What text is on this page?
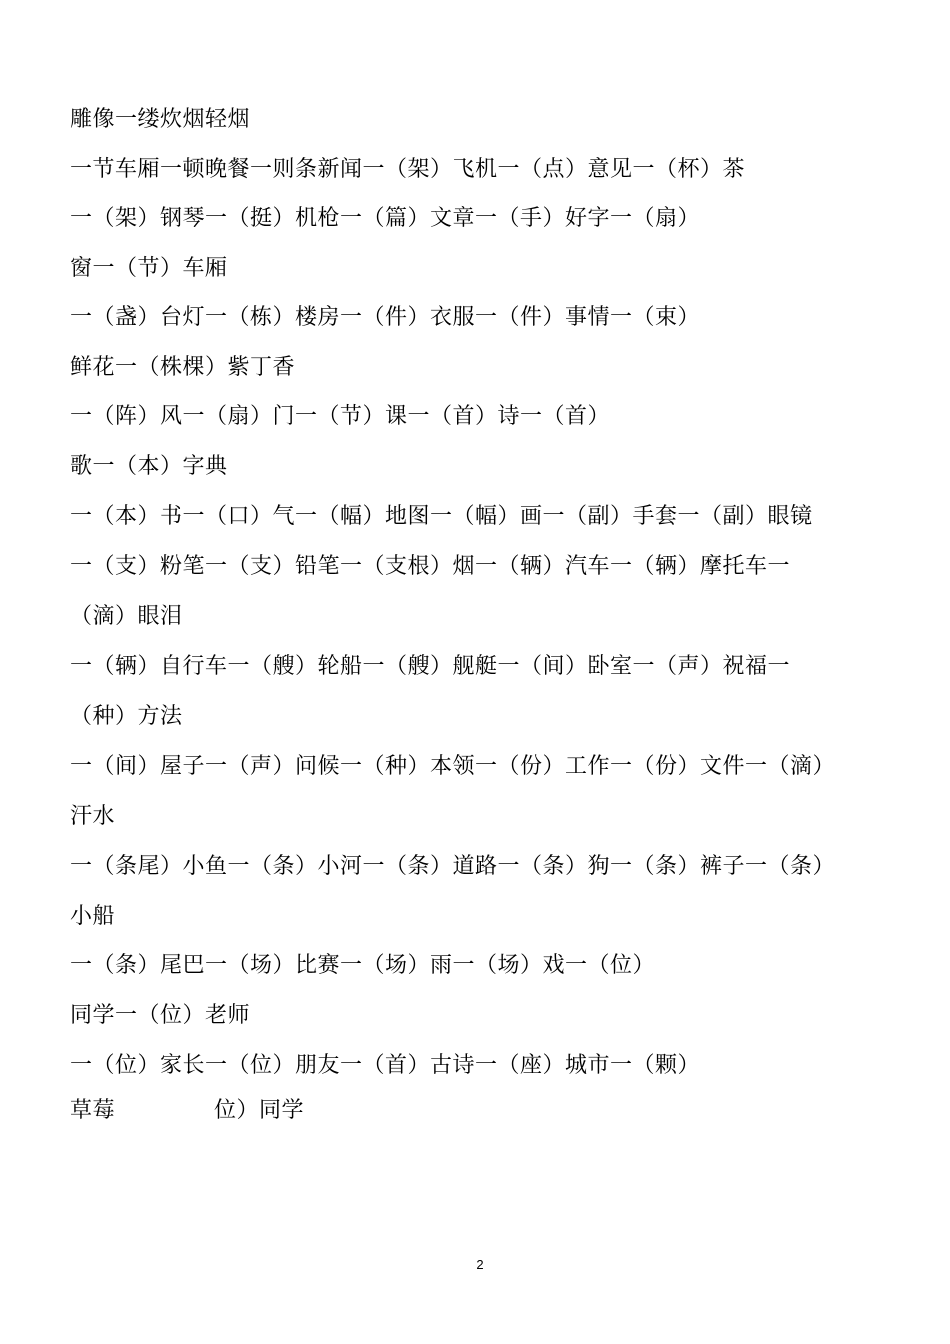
雕像一缕炊烟轻烟
一节车厢一顿晚餐一则条新闻一（架）飞机一（点）意见一（杯）茶
一（架）钢琴一（挺）机枪一（篇）文章一（手）好字一（扇）
窗一（节）车厢
一（盏）台灯一（栋）楼房一（件）衣服一（件）事情一（束）
鲜花一（株棵）紫丁香
一（阵）风一（扇）门一（节）课一（首）诗一（首）
歌一（本）字典
一（本）书一（口）气一（幅）地图一（幅）画一（副）手套一（副）眼镜
一（支）粉笔一（支）铅笔一（支根）烟一（辆）汽车一（辆）摩托车一
（滴）眼泪
一（辆）自行车一（艘）轮船一（艘）舰艇一（间）卧室一（声）祝福一
（种）方法
一（间）屋子一（声）问候一（种）本领一（份）工作一（份）文件一（滴）
汗水
一（条尾）小鱼一（条）小河一（条）道路一（条）狗一（条）裤子一（条）
小船
一（条）尾巴一（场）比赛一（场）雨一（场）戏一（位）
同学一（位）老师
一（位）家长一（位）朋友一（首）古诗一（座）城市一（颗）
草莓	位）同学
2
